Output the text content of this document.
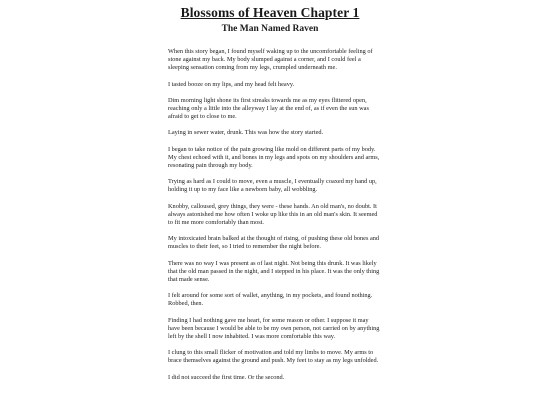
Blossoms of Heaven Chapter 1
The Man Named Raven

When this story began, I found myself waking up to the uncomfortable feeling of stone against my back. My body slumped against a corner, and I could feel a sleeping sensation coming from my legs, crumpled underneath me.

I tasted booze on my lips, and my head felt heavy.

Dim morning light shone its first streaks towards me as my eyes flittered open, reaching only a little into the alleyway I lay at the end of, as if even the sun was afraid to get to close to me.

Laying in sewer water, drunk. This was how the story started.

I began to take notice of the pain growing like mold on different parts of my body. My chest echoed with it, and bones in my legs and spots on my shoulders and arms, resonating pain through my body.

Trying as hard as I could to move, even a muscle, I eventually coaxed my hand up, holding it up to my face like a newborn baby, all wobbling.

Knobby, calloused, grey things, they were - these hands. An old man's, no doubt. It always astonished me how often I woke up like this in an old man's skin. It seemed to fit me more comfortably than most.

My intoxicated brain balked at the thought of rising, of pushing these old bones and muscles to their feet, so I tried to remember the night before.

There was no way I was present as of last night. Not being this drunk. It was likely that the old man passed in the night, and I stepped in his place. It was the only thing that made sense.

I felt around for some sort of wallet, anything, in my pockets, and found nothing. Robbed, then.

Finding I had nothing gave me heart, for some reason or other. I suppose it may have been because I would be able to be my own person, not carried on by anything left by the shell I now inhabited. I was more comfortable this way.

I clung to this small flicker of motivation and told my limbs to move. My arms to brace themselves against the ground and push. My feet to stay as my legs unfolded.

I did not succeed the first time. Or the second.
